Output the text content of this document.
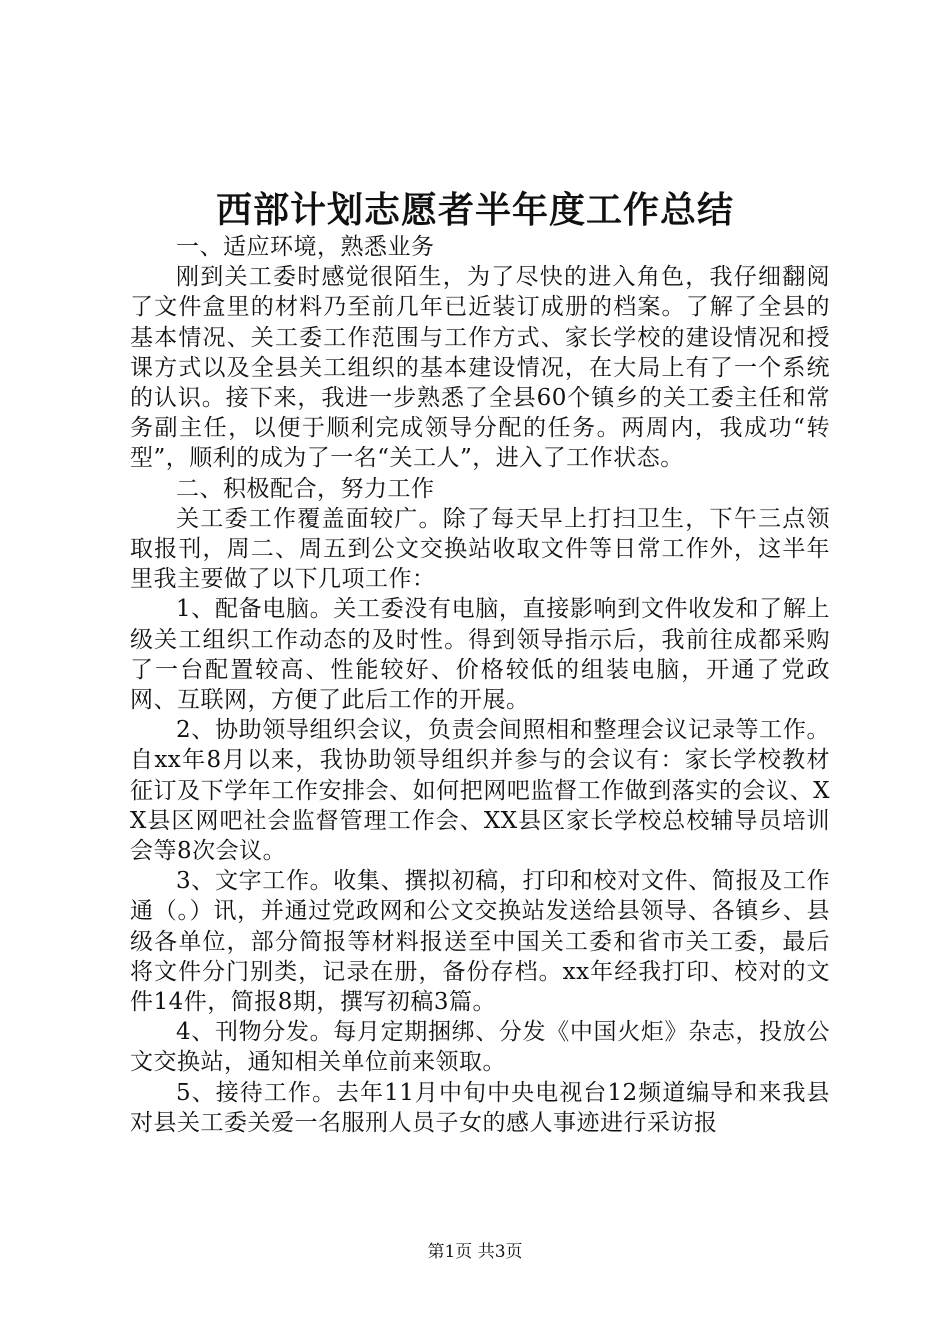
西部计划志愿者半年度工作总结

一、适应环境，熟悉业务

刚到关工委时感觉很陌生，为了尽快的进入角色，我仔细翻阅了文件盒里的材料乃至前几年已近装订成册的档案。了解了全县的基本情况、关工委工作范围与工作方式、家长学校的建设情况和授课方式以及全县关工组织的基本建设情况，在大局上有了一个系统的认识。接下来，我进一步熟悉了全县60个镇乡的关工委主任和常务副主任，以便于顺利完成领导分配的任务。两周内，我成功“转型”，顺利的成为了一名“关工人”，进入了工作状态。

二、积极配合，努力工作

关工委工作覆盖面较广。除了每天早上打扫卫生，下午三点领取报刊，周二、周五到公文交换站收取文件等日常工作外，这半年里我主要做了以下几项工作：

1、配备电脑。关工委没有电脑，直接影响到文件收发和了解上级关工组织工作动态的及时性。得到领导指示后，我前往成都采购了一台配置较高、性能较好、价格较低的组装电脑，开通了党政网、互联网，方便了此后工作的开展。

2、协助领导组织会议，负责会间照相和整理会议记录等工作。自xx年8月以来，我协助领导组织并参与的会议有：家长学校教材征订及下学年工作安排会、如何把网吧监督工作做到落实的会议、XX县区网吧社会监督管理工作会、XX县区家长学校总校辅导员培训会等8次会议。

3、文字工作。收集、撰拟初稿，打印和校对文件、简报及工作通（。）讯，并通过党政网和公文交换站发送给县领导、各镇乡、县级各单位，部分简报等材料报送至中国关工委和省市关工委，最后将文件分门别类，记录在册，备份存档。xx年经我打印、校对的文件14件，简报8期，撰写初稿3篇。

4、刊物分发。每月定期捆绑、分发《中国火炬》杂志，投放公文交换站，通知相关单位前来领取。

5、接待工作。去年11月中旬中央电视台12频道编导和来我县对县关工委关爱一名服刑人员子女的感人事迹进行采访报

第1页 共3页
